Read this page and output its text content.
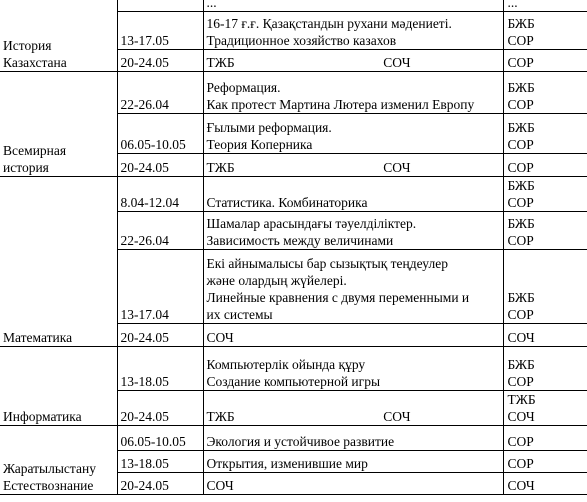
История Казахстана		...	...

	13-17.05	16-17 ғ.ғ. Қазақстандын рухани мәдениеті.
Традиционное хозяйство казахов	БЖБ
СОР

	20-24.05	ТЖБ СОЧ	СОР

Всемирная история	22-26.04	Реформация.
Как протест Мартина Лютера изменил Европу	БЖБ
СОР

	06.05-10.05	Ғылыми реформация.
Теория Коперника	БЖБ
СОР

	20-24.05	ТЖБ СОЧ	СОР

Математика	8.04-12.04	Статистика. Комбинаторика	БЖБ
СОР

	22-26.04	Шамалар арасындағы тәуелділіктер.
Зависимость между величинами	БЖБ
СОР

	13-17.04	Екі айнымалысы бар сызықтық теңдеулер
және олардың жүйелері.
Линейные кравнения с двумя переменными и
их системы	БЖБ
СОР

	20-24.05	СОЧ	СОЧ

Информатика	13-18.05	Компьютерлік ойында құру
Создание компьютерной игры	БЖБ
СОР

	20-24.05	ТЖБ СОЧ	ТЖБ
СОЧ

Жаратылыстану Естествознание	06.05-10.05	Экология и устойчивое развитие	СОР

	13-18.05	Открытия, изменившие мир	СОР

	20-24.05	СОЧ	СОЧ
